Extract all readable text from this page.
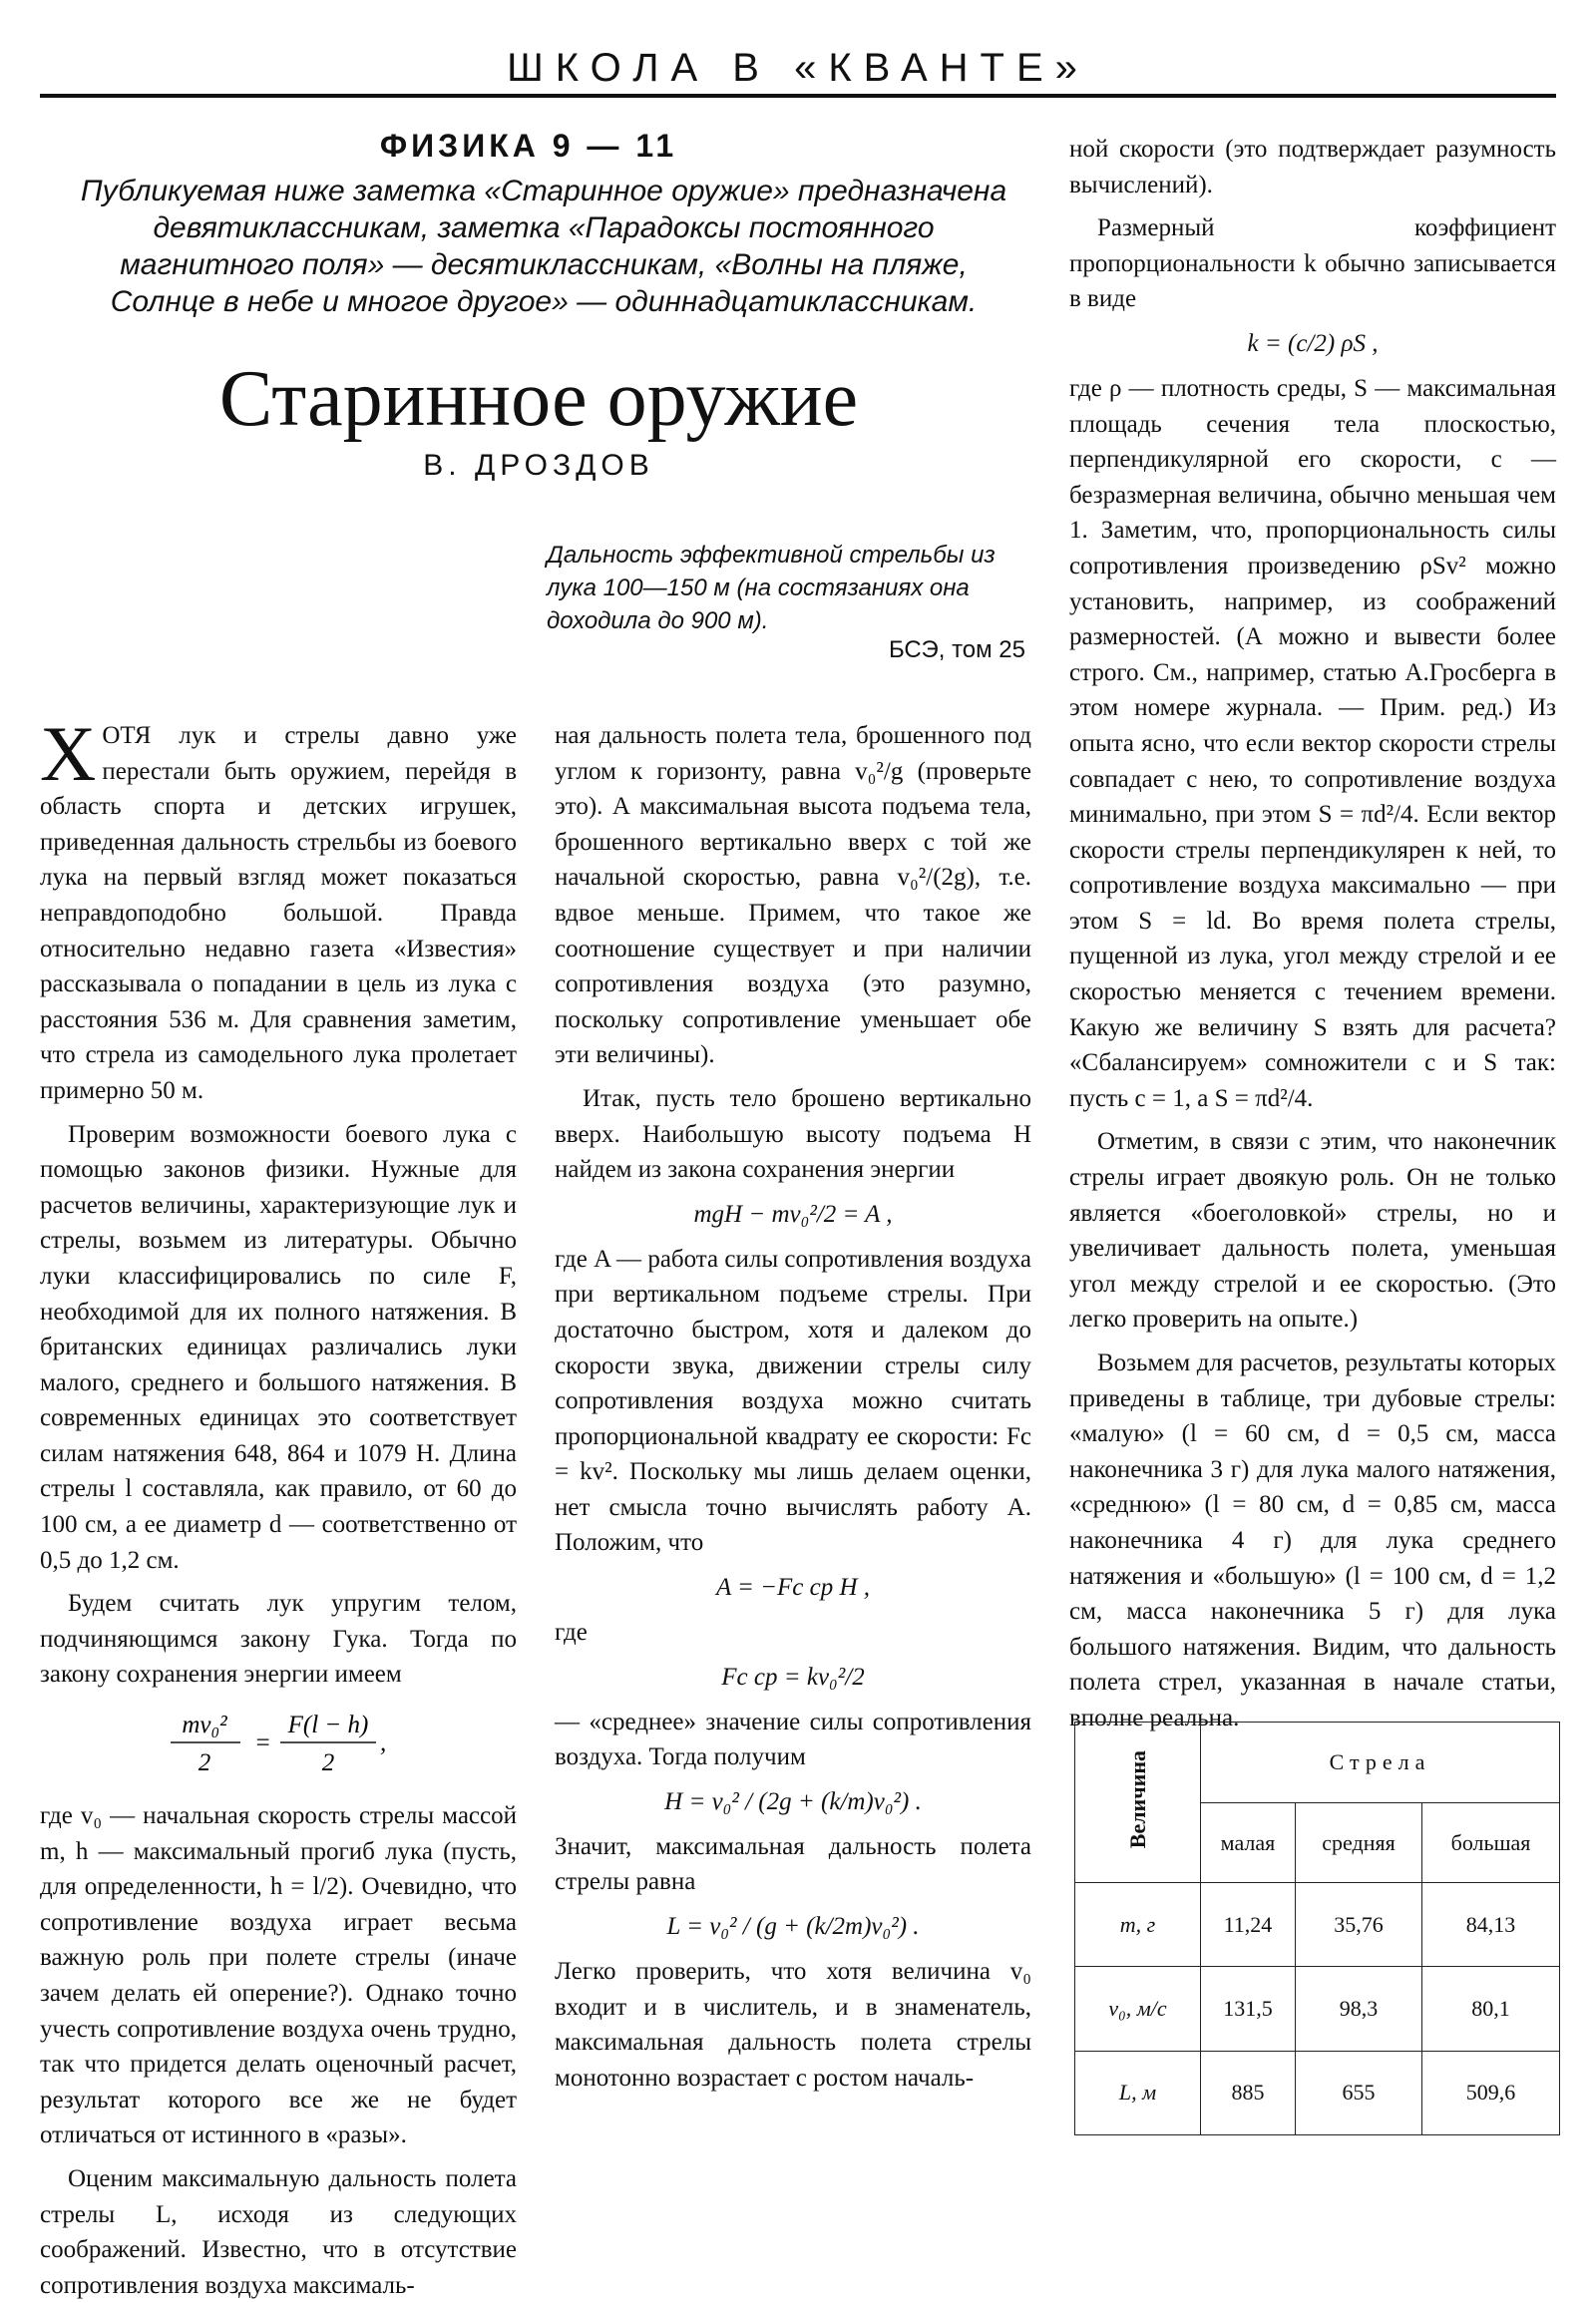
ШКОЛА В «КВАНТЕ»
ФИЗИКА 9 — 11
Публикуемая ниже заметка «Старинное оружие» предназначена девятиклассникам, заметка «Парадоксы постоянного магнитного поля» — десятиклассникам, «Волны на пляже, Солнце в небе и многое другое» — одиннадцатиклассникам.
Старинное оружие
В. ДРОЗДОВ
Дальность эффективной стрельбы из лука 100—150 м (на состязаниях она доходила до 900 м).
БСЭ, том 25

ХОТЯ лук и стрелы давно уже перестали быть оружием, перейдя в область спорта и детских игрушек, приведенная дальность стрельбы из боевого лука на первый взгляд может показаться неправдоподобно большой. Правда относительно недавно газета «Известия» рассказывала о попадании в цель из лука с расстояния 536 м. Для сравнения заметим, что стрела из самодельного лука пролетает примерно 50 м.

Проверим возможности боевого лука с помощью законов физики. Нужные для расчетов величины, характеризующие лук и стрелы, возьмем из литературы. Обычно луки классифицировались по силе F, необходимой для их полного натяжения. В британских единицах различались луки малого, среднего и большого натяжения. В современных единицах это соответствует силам натяжения 648, 864 и 1079 Н. Длина стрелы l составляла, как правило, от 60 до 100 см, а ее диаметр d — соответственно от 0,5 до 1,2 см.

Будем считать лук упругим телом, подчиняющимся закону Гука. Тогда по закону сохранения энергии имеем

mv₀²
2
=
F(l − h)
2
,

где v₀ — начальная скорость стрелы массой m, h — максимальный прогиб лука (пусть, для определенности, h = l/2). Очевидно, что сопротивление воздуха играет весьма важную роль при полете стрелы (иначе зачем делать ей оперение?). Однако точно учесть сопротивление воздуха очень трудно, так что придется делать оценочный расчет, результат которого все же не будет отличаться от истинного в «разы».

Оценим максимальную дальность полета стрелы L, исходя из следующих соображений. Известно, что в отсутствие сопротивления воздуха максималь-

ная дальность полета тела, брошенного под углом к горизонту, равна v₀²/g (проверьте это). А максимальная высота подъема тела, брошенного вертикально вверх с той же начальной скоростью, равна v₀²/(2g), т.е. вдвое меньше. Примем, что такое же соотношение существует и при наличии сопротивления воздуха (это разумно, поскольку сопротивление уменьшает обе эти величины).

Итак, пусть тело брошено вертикально вверх. Наибольшую высоту подъема H найдем из закона сохранения энергии

mgH − mv₀²/2 = A ,

где A — работа силы сопротивления воздуха при вертикальном подъеме стрелы. При достаточно быстром, хотя и далеком до скорости звука, движении стрелы силу сопротивления воздуха можно считать пропорциональной квадрату ее скорости: Fс = kv². Поскольку мы лишь делаем оценки, нет смысла точно вычислять работу A. Положим, что

A = −Fс ср H ,

где

Fс ср = kv₀²/2

— «среднее» значение силы сопротивления воздуха. Тогда получим

H = v₀² / (2g + (k/m)v₀²) .

Значит, максимальная дальность полета стрелы равна

L = v₀² / (g + (k/2m)v₀²) .

Легко проверить, что хотя величина v₀ входит и в числитель, и в знаменатель, максимальная дальность полета стрелы монотонно возрастает с ростом началь-

ной скорости (это подтверждает разумность вычислений).

Размерный коэффициент пропорциональности k обычно записывается в виде

k = (c/2) ρS ,

где ρ — плотность среды, S — максимальная площадь сечения тела плоскостью, перпендикулярной его скорости, c — безразмерная величина, обычно меньшая чем 1. Заметим, что, пропорциональность силы сопротивления произведению ρSv² можно установить, например, из соображений размерностей. (А можно и вывести более строго. См., например, статью А.Гросберга в этом номере журнала. — Прим. ред.) Из опыта ясно, что если вектор скорости стрелы совпадает с нею, то сопротивление воздуха минимально, при этом S = πd²/4. Если вектор скорости стрелы перпендикулярен к ней, то сопротивление воздуха максимально — при этом S = ld. Во время полета стрелы, пущенной из лука, угол между стрелой и ее скоростью меняется с течением времени. Какую же величину S взять для расчета? «Сбалансируем» сомножители c и S так: пусть c = 1, а S = πd²/4.

Отметим, в связи с этим, что наконечник стрелы играет двоякую роль. Он не только является «боеголовкой» стрелы, но и увеличивает дальность полета, уменьшая угол между стрелой и ее скоростью. (Это легко проверить на опыте.)

Возьмем для расчетов, результаты которых приведены в таблице, три дубовые стрелы: «малую» (l = 60 см, d = 0,5 см, масса наконечника 3 г) для лука малого натяжения, «среднюю» (l = 80 см, d = 0,85 см, масса наконечника 4 г) для лука среднего натяжения и «большую» (l = 100 см, d = 1,2 см, масса наконечника 5 г) для лука большого натяжения. Видим, что дальность полета стрел, указанная в начале статьи, вполне реальна.

Величина	Стрела		
	малая	средняя	большая
m, г	11,24	35,76	84,13
v₀, м/с	131,5	98,3	80,1
L, м	885	655	509,6
